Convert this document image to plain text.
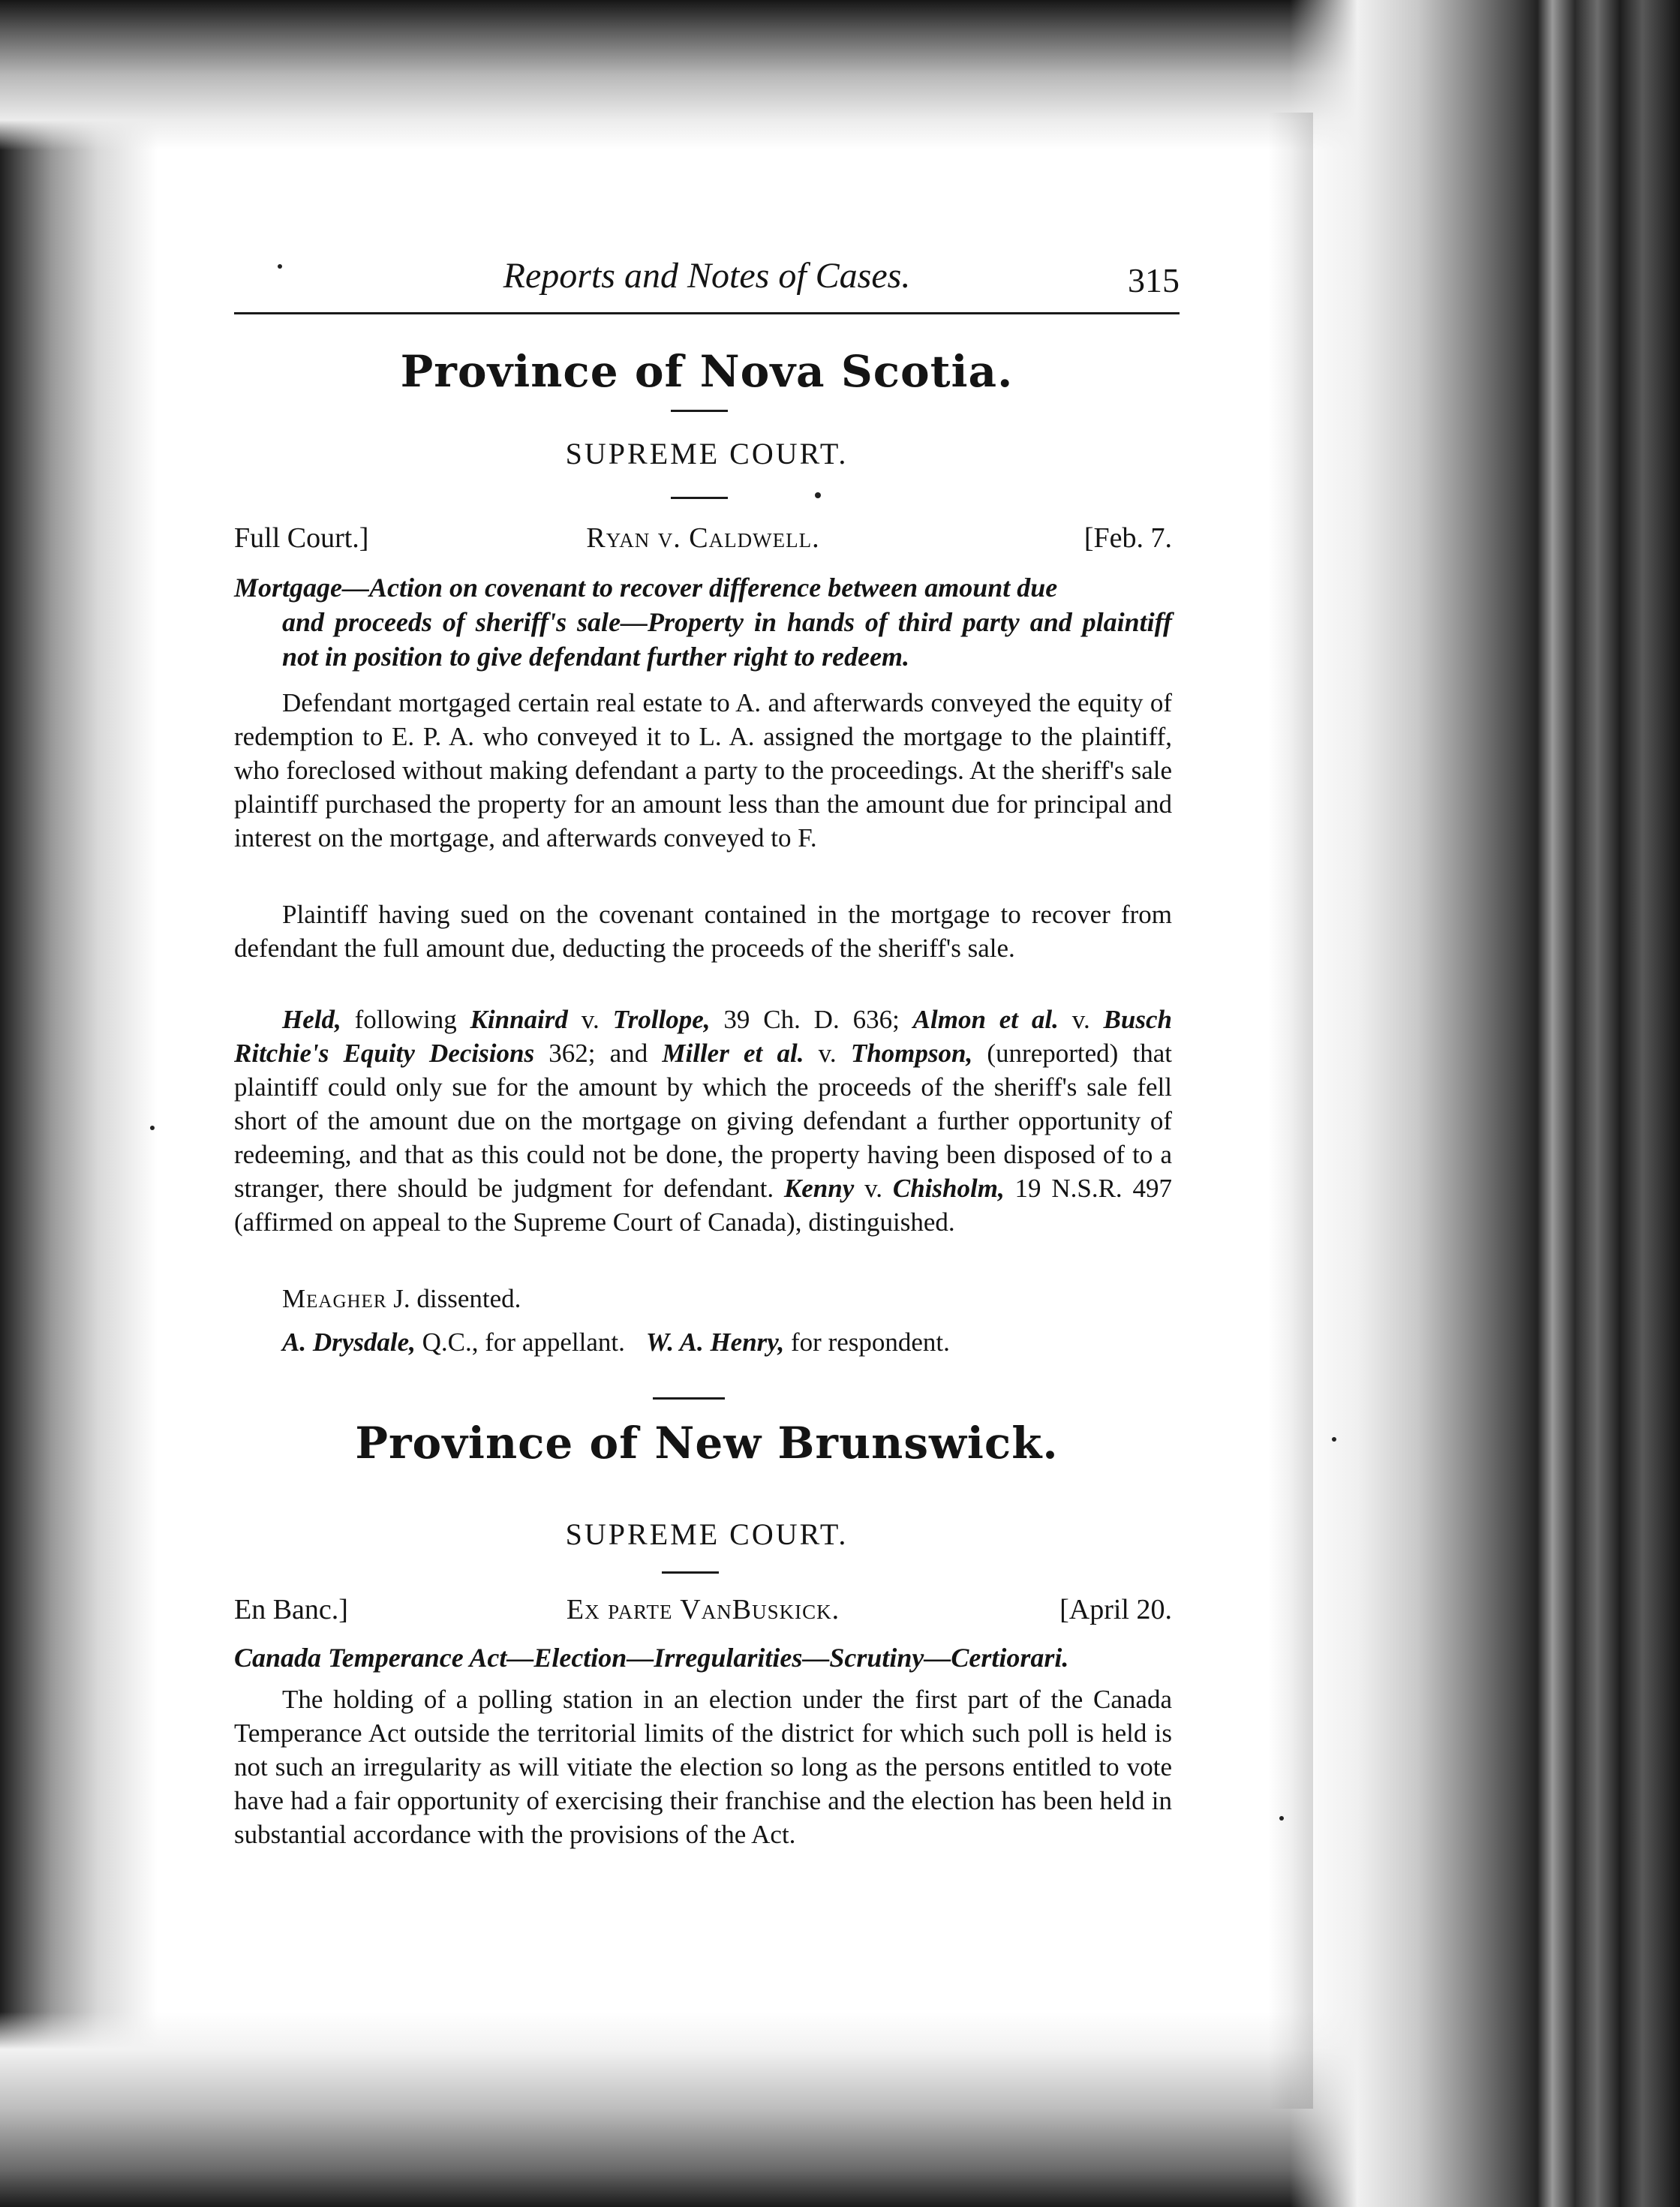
Reports and Notes of Cases.	315
Province of Nova Scotia.
SUPREME COURT.
Full Court.]	Ryan v. Caldwell.	[Feb. 7.
Mortgage—Action on covenant to recover difference between amount due
and proceeds of sheriff's sale—Property in hands of third party and plaintiff not in position to give defendant further right to redeem.
Defendant mortgaged certain real estate to A. and afterwards conveyed the equity of redemption to E. P. A. who conveyed it to L. A. assigned the mortgage to the plaintiff, who foreclosed without making defendant a party to the proceedings. At the sheriff's sale plaintiff purchased the property for an amount less than the amount due for principal and interest on the mortgage, and afterwards conveyed to F.
Plaintiff having sued on the covenant contained in the mortgage to recover from defendant the full amount due, deducting the proceeds of the sheriff's sale.
Held, following Kinnaird v. Trollope, 39 Ch. D. 636; Almon et al. v. Busch Ritchie's Equity Decisions 362; and Miller et al. v. Thompson, (unreported) that plaintiff could only sue for the amount by which the proceeds of the sheriff's sale fell short of the amount due on the mortgage on giving defendant a further opportunity of redeeming, and that as this could not be done, the property having been disposed of to a stranger, there should be judgment for defendant. Kenny v. Chisholm, 19 N.S.R. 497 (affirmed on appeal to the Supreme Court of Canada), distinguished.
Meagher J. dissented.
A. Drysdale, Q.C., for appellant. W. A. Henry, for respondent.
Province of New Brunswick.
SUPREME COURT.
En Banc.]	Ex parte VanBuskick.	[April 20.
Canada Temperance Act—Election—Irregularities—Scrutiny—Certiorari.
The holding of a polling station in an election under the first part of the Canada Temperance Act outside the territorial limits of the district for which such poll is held is not such an irregularity as will vitiate the election so long as the persons entitled to vote have had a fair opportunity of exercising their franchise and the election has been held in substantial accordance with the provisions of the Act.
